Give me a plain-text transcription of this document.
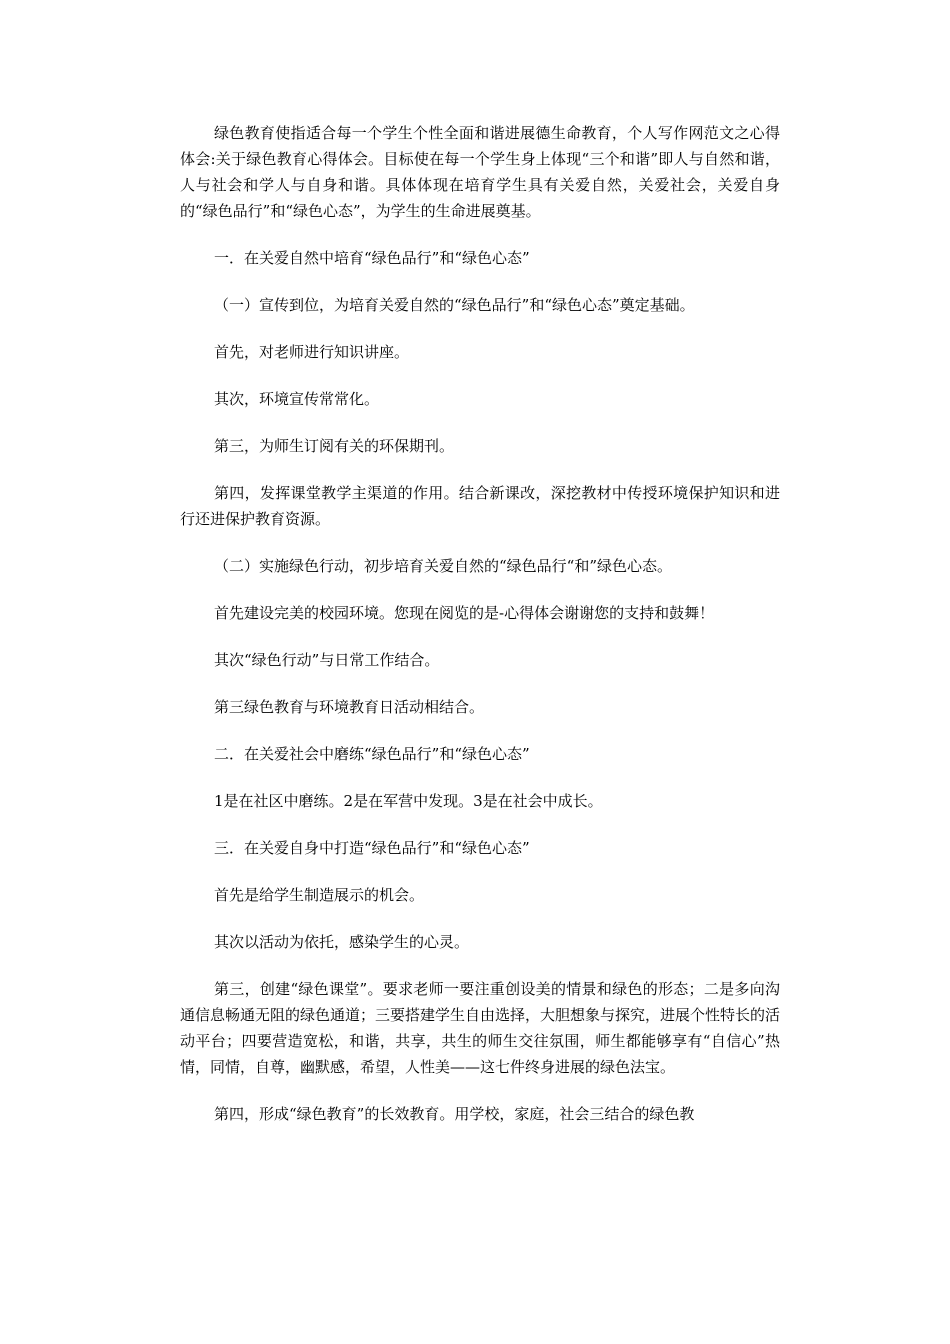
绿色教育使指适合每一个学生个性全面和谐进展德生命教育，个人写作网范文之心得体会:关于绿色教育心得体会。目标使在每一个学生身上体现“三个和谐”即人与自然和谐，人与社会和学人与自身和谐。具体体现在培育学生具有关爱自然，关爱社会，关爱自身的“绿色品行”和“绿色心态”，为学生的生命进展奠基。

一．在关爱自然中培育“绿色品行”和“绿色心态”

（一）宣传到位，为培育关爱自然的“绿色品行”和“绿色心态”奠定基础。

首先，对老师进行知识讲座。

其次，环境宣传常常化。

第三，为师生订阅有关的环保期刊。

第四，发挥课堂教学主渠道的作用。结合新课改，深挖教材中传授环境保护知识和进行还进保护教育资源。

（二）实施绿色行动，初步培育关爱自然的“绿色品行“和”绿色心态。

首先建设完美的校园环境。您现在阅览的是-心得体会谢谢您的支持和鼓舞！

其次“绿色行动”与日常工作结合。

第三绿色教育与环境教育日活动相结合。

二．在关爱社会中磨练“绿色品行”和“绿色心态”

1是在社区中磨练。2是在军营中发现。3是在社会中成长。

三．在关爱自身中打造“绿色品行”和“绿色心态”

首先是给学生制造展示的机会。

其次以活动为依托，感染学生的心灵。

第三，创建“绿色课堂”。要求老师一要注重创设美的情景和绿色的形态；二是多向沟通信息畅通无阻的绿色通道；三要搭建学生自由选择，大胆想象与探究，进展个性特长的活动平台；四要营造宽松，和谐，共享，共生的师生交往氛围，师生都能够享有“自信心”热情，同情，自尊，幽默感，希望，人性美——这七件终身进展的绿色法宝。

第四，形成“绿色教育”的长效教育。用学校，家庭，社会三结合的绿色教
